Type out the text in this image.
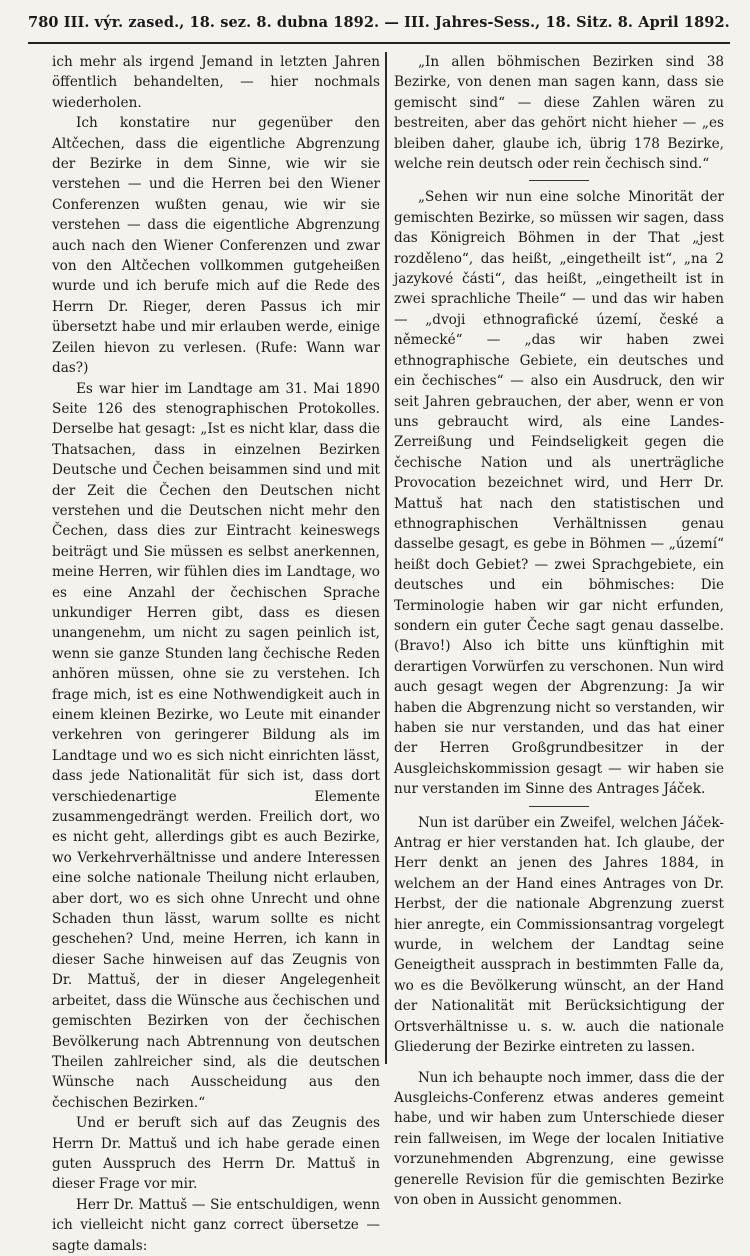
780 III. výr. zased., 18. sez. 8. dubna 1892. — III. Jahres-Sess., 18. Sitz. 8. April 1892.

ich mehr als irgend Jemand in letzten Jahren öffentlich behandelten, — hier nochmals wiederholen.

Ich konstatire nur gegenüber den Altčechen, dass die eigentliche Abgrenzung der Bezirke in dem Sinne, wie wir sie verstehen — und die Herren bei den Wiener Conferenzen wußten genau, wie wir sie verstehen — dass die eigentliche Abgrenzung auch nach den Wiener Conferenzen und zwar von den Altčechen vollkommen gutgeheißen wurde und ich berufe mich auf die Rede des Herrn Dr. Rieger, deren Passus ich mir übersetzt habe und mir erlauben werde, einige Zeilen hievon zu verlesen. (Rufe: Wann war das?)

Es war hier im Landtage am 31. Mai 1890 Seite 126 des stenographischen Protokolles. Derselbe hat gesagt: „Ist es nicht klar, dass die Thatsachen, dass in einzelnen Bezirken Deutsche und Čechen beisammen sind und mit der Zeit die Čechen den Deutschen nicht verstehen und die Deutschen nicht mehr den Čechen, dass dies zur Eintracht keineswegs beiträgt und Sie müssen es selbst anerkennen, meine Herren, wir fühlen dies im Landtage, wo es eine Anzahl der čechischen Sprache unkundiger Herren gibt, dass es diesen unangenehm, um nicht zu sagen peinlich ist, wenn sie ganze Stunden lang čechische Reden anhören müssen, ohne sie zu verstehen. Ich frage mich, ist es eine Nothwendigkeit auch in einem kleinen Bezirke, wo Leute mit einander verkehren von geringerer Bildung als im Landtage und wo es sich nicht einrichten lässt, dass jede Nationalität für sich ist, dass dort verschiedenartige Elemente zusammengedrängt werden. Freilich dort, wo es nicht geht, allerdings gibt es auch Bezirke, wo Verkehrverhältnisse und andere Interessen eine solche nationale Theilung nicht erlauben, aber dort, wo es sich ohne Unrecht und ohne Schaden thun lässt, warum sollte es nicht geschehen? Und, meine Herren, ich kann in dieser Sache hinweisen auf das Zeugnis von Dr. Mattuš, der in dieser Angelegenheit arbeitet, dass die Wünsche aus čechischen und gemischten Bezirken von der čechischen Bevölkerung nach Abtrennung von deutschen Theilen zahlreicher sind, als die deutschen Wünsche nach Ausscheidung aus den čechischen Bezirken.“

Und er beruft sich auf das Zeugnis des Herrn Dr. Mattuš und ich habe gerade einen guten Ausspruch des Herrn Dr. Mattuš in dieser Frage vor mir.

Herr Dr. Mattuš — Sie entschuldigen, wenn ich vielleicht nicht ganz correct übersetze — sagte damals:

„In allen böhmischen Bezirken sind 38 Bezirke, von denen man sagen kann, dass sie gemischt sind“ — diese Zahlen wären zu bestreiten, aber das gehört nicht hieher — „es bleiben daher, glaube ich, übrig 178 Bezirke, welche rein deutsch oder rein čechisch sind.“

„Sehen wir nun eine solche Minorität der gemischten Bezirke, so müssen wir sagen, dass das Königreich Böhmen in der That „jest rozděleno“, das heißt, „eingetheilt ist“, „na 2 jazykové části“, das heißt, „eingetheilt ist in zwei sprachliche Theile“ — und das wir haben — „dvoji ethnografické území, české a německé“ — „das wir haben zwei ethnographische Gebiete, ein deutsches und ein čechisches“ — also ein Ausdruck, den wir seit Jahren gebrauchen, der aber, wenn er von uns gebraucht wird, als eine Landes-Zerreißung und Feindseligkeit gegen die čechische Nation und als unerträgliche Provocation bezeichnet wird, und Herr Dr. Mattuš hat nach den statistischen und ethnographischen Verhältnissen genau dasselbe gesagt, es gebe in Böhmen — „území“ heißt doch Gebiet? — zwei Sprachgebiete, ein deutsches und ein böhmisches: Die Terminologie haben wir gar nicht erfunden, sondern ein guter Čeche sagt genau dasselbe. (Bravo!) Also ich bitte uns künftighin mit derartigen Vorwürfen zu verschonen. Nun wird auch gesagt wegen der Abgrenzung: Ja wir haben die Abgrenzung nicht so verstanden, wir haben sie nur verstanden, und das hat einer der Herren Großgrundbesitzer in der Ausgleichskommission gesagt — wir haben sie nur verstanden im Sinne des Antrages Jáček.

Nun ist darüber ein Zweifel, welchen Jáček-Antrag er hier verstanden hat. Ich glaube, der Herr denkt an jenen des Jahres 1884, in welchem an der Hand eines Antrages von Dr. Herbst, der die nationale Abgrenzung zuerst hier anregte, ein Commissionsantrag vorgelegt wurde, in welchem der Landtag seine Geneigtheit aussprach in bestimmten Falle da, wo es die Bevölkerung wünscht, an der Hand der Nationalität mit Berücksichtigung der Ortsverhältnisse u. s. w. auch die nationale Gliederung der Bezirke eintreten zu lassen.

Nun ich behaupte noch immer, dass die der Ausgleichs-Conferenz etwas anderes gemeint habe, und wir haben zum Unterschiede dieser rein fallweisen, im Wege der localen Initiative vorzunehmenden Abgrenzung, eine gewisse generelle Revision für die gemischten Bezirke von oben in Aussicht genommen.
